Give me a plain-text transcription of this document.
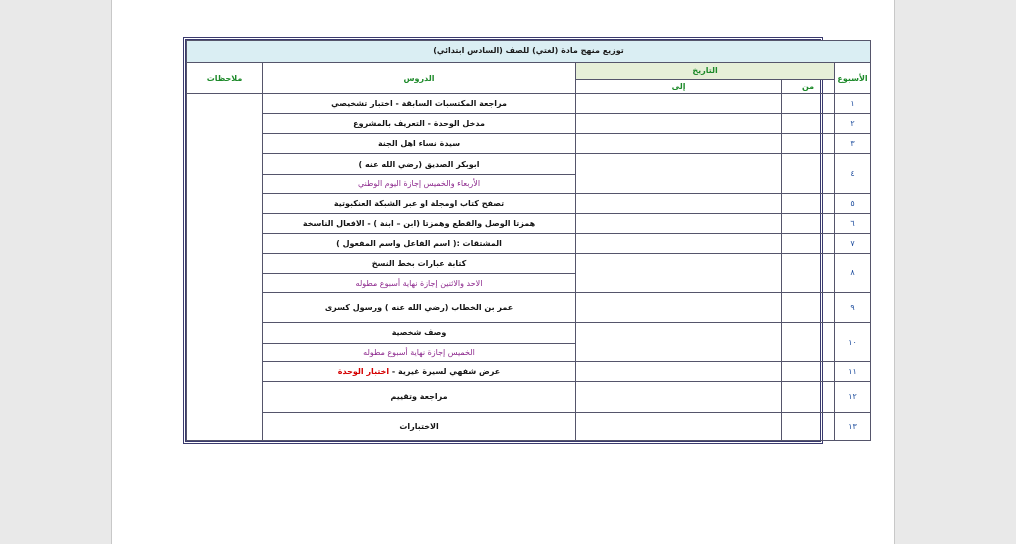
توزيع منهج مادة (لغتي) للصف (السادس ابتدائي)				

الأسبوع	التاريخ		الدروس	ملاحظات
	من	إلى		
١			مراجعة المكتسبات السابقة - اختبار تشخيصي	
٢			مدخل الوحدة - التعريف بالمشروع	
٣			سيدة نساء اهل الجنة	
٤			ابوبكر الصديق (رضي الله عنه )	
			الأربعاء والخميس إجازة اليوم الوطني	
٥			تصفح كتاب اومجلة او عبر الشبكة العنكبوتية	
٦			همزتا الوصل والقطع وهمزتا (ابن – ابنة ) - الافعال الناسخة	
٧			المشتقات :( اسم الفاعل واسم المفعول )	
٨			كتابة عبارات بخط النسخ	
			الاحد والاثنين إجازة نهاية أسبوع مطوله	
٩			عمر بن الخطاب (رضي الله عنه ) ورسول كسرى	
١٠			وصف شخصية	
			الخميس إجازة نهاية أسبوع مطوله	
١١			عرض شفهي لسيرة غيرية - اختبار الوحدة	
١٢			مراجعة وتقييم	
١٣			الاختبارات	
